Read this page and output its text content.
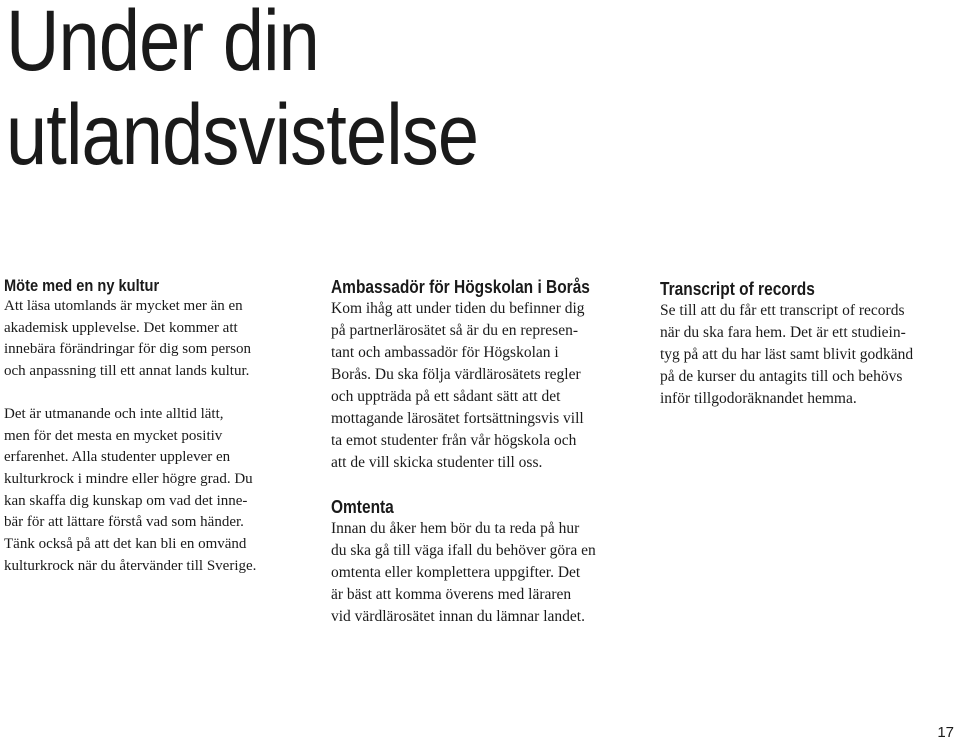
Under din
utlandsvistelse
Möte med en ny kultur

Att läsa utomlands är mycket mer än en
akademisk upplevelse. Det kommer att
innebära förändringar för dig som person
och anpassning till ett annat lands kultur.

Det är utmanande och inte alltid lätt,
men för det mesta en mycket positiv
erfarenhet. Alla studenter upplever en
kulturkrock i mindre eller högre grad. Du
kan skaffa dig kunskap om vad det inne-
bär för att lättare förstå vad som händer.
Tänk också på att det kan bli en omvänd
kulturkrock när du återvänder till Sverige.

Ambassadör för Högskolan i Borås

Kom ihåg att under tiden du befinner dig
på partnerlärosätet så är du en represen-
tant och ambassadör för Högskolan i
Borås. Du ska följa värdlärosätets regler
och uppträda på ett sådant sätt att det
mottagande lärosätet fortsättningsvis vill
ta emot studenter från vår högskola och
att de vill skicka studenter till oss.

Omtenta

Innan du åker hem bör du ta reda på hur
du ska gå till väga ifall du behöver göra en
omtenta eller komplettera uppgifter. Det
är bäst att komma överens med läraren
vid värdlärosätet innan du lämnar landet.

Transcript of records

Se till att du får ett transcript of records
när du ska fara hem. Det är ett studiein-
tyg på att du har läst samt blivit godkänd
på de kurser du antagits till och behövs
inför tillgodoräknandet hemma.

17
